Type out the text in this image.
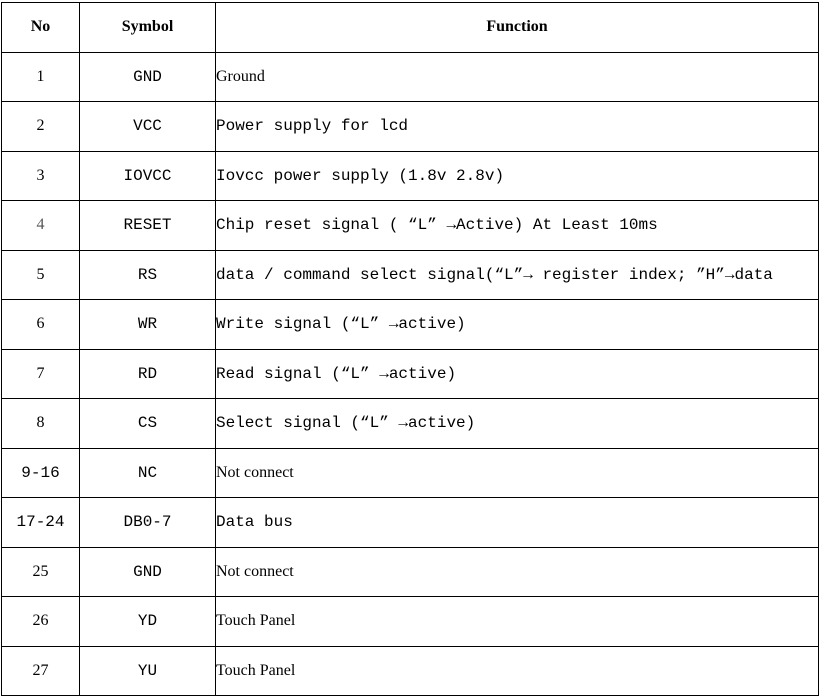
No	Symbol	Function
1	GND	Ground
2	VCC	Power supply for lcd
3	IOVCC	Iovcc power supply (1.8v 2.8v)
4	RESET	Chip reset signal ( “L” →Active) At Least 10ms
5	RS	data / command select signal(“L”→ register index; ”H”→data
6	WR	Write signal (“L” →active)
7	RD	Read signal (“L” →active)
8	CS	Select signal (“L” →active)
9-16	NC	Not connect
17-24	DB0-7	Data bus
25	GND	Not connect
26	YD	Touch Panel
27	YU	Touch Panel
